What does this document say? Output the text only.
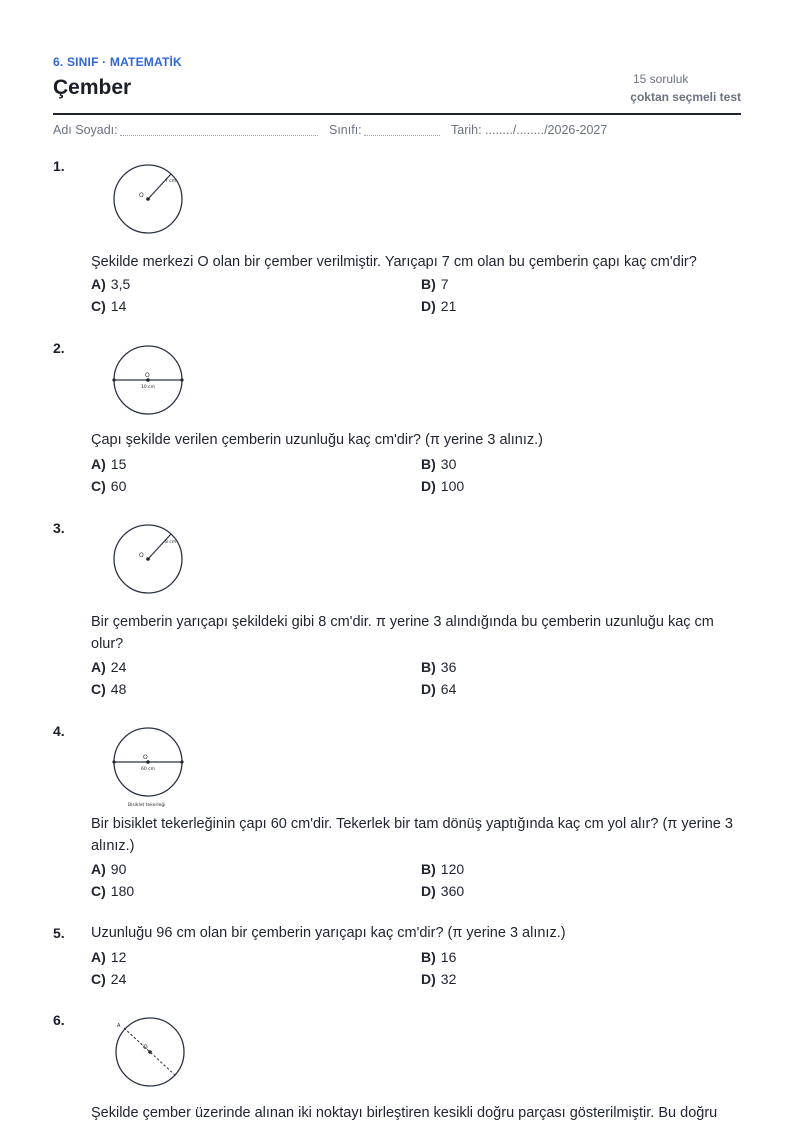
6. SINIF · MATEMATİK
Çember	15 soruluk
çoktan seçmeli test
Adı Soyadı:	Sınıfı:	Tarih: ......../......../2026-2027
1.
O
7 cm
Şekilde merkezi O olan bir çember verilmiştir. Yarıçapı 7 cm olan bu çemberin çapı kaç cm'dir?
A) 3,5	B) 7
C) 14	D) 21
2.
O
10 cm
Çapı şekilde verilen çemberin uzunluğu kaç cm'dir? (π yerine 3 alınız.)
A) 15	B) 30
C) 60	D) 100
3.
O
8 cm
Bir çemberin yarıçapı şekildeki gibi 8 cm'dir. π yerine 3 alındığında bu çemberin uzunluğu kaç cm olur?
A) 24	B) 36
C) 48	D) 64
4.
O
60 cm
Bisiklet tekerleği
Bir bisiklet tekerleğinin çapı 60 cm'dir. Tekerlek bir tam dönüş yaptığında kaç cm yol alır? (π yerine 3 alınız.)
A) 90	B) 120
C) 180	D) 360
5. Uzunluğu 96 cm olan bir çemberin yarıçapı kaç cm'dir? (π yerine 3 alınız.)
A) 12	B) 16
C) 24	D) 32
6.
O
A
Şekilde çember üzerinde alınan iki noktayı birleştiren kesikli doğru parçası gösterilmiştir. Bu doğru
